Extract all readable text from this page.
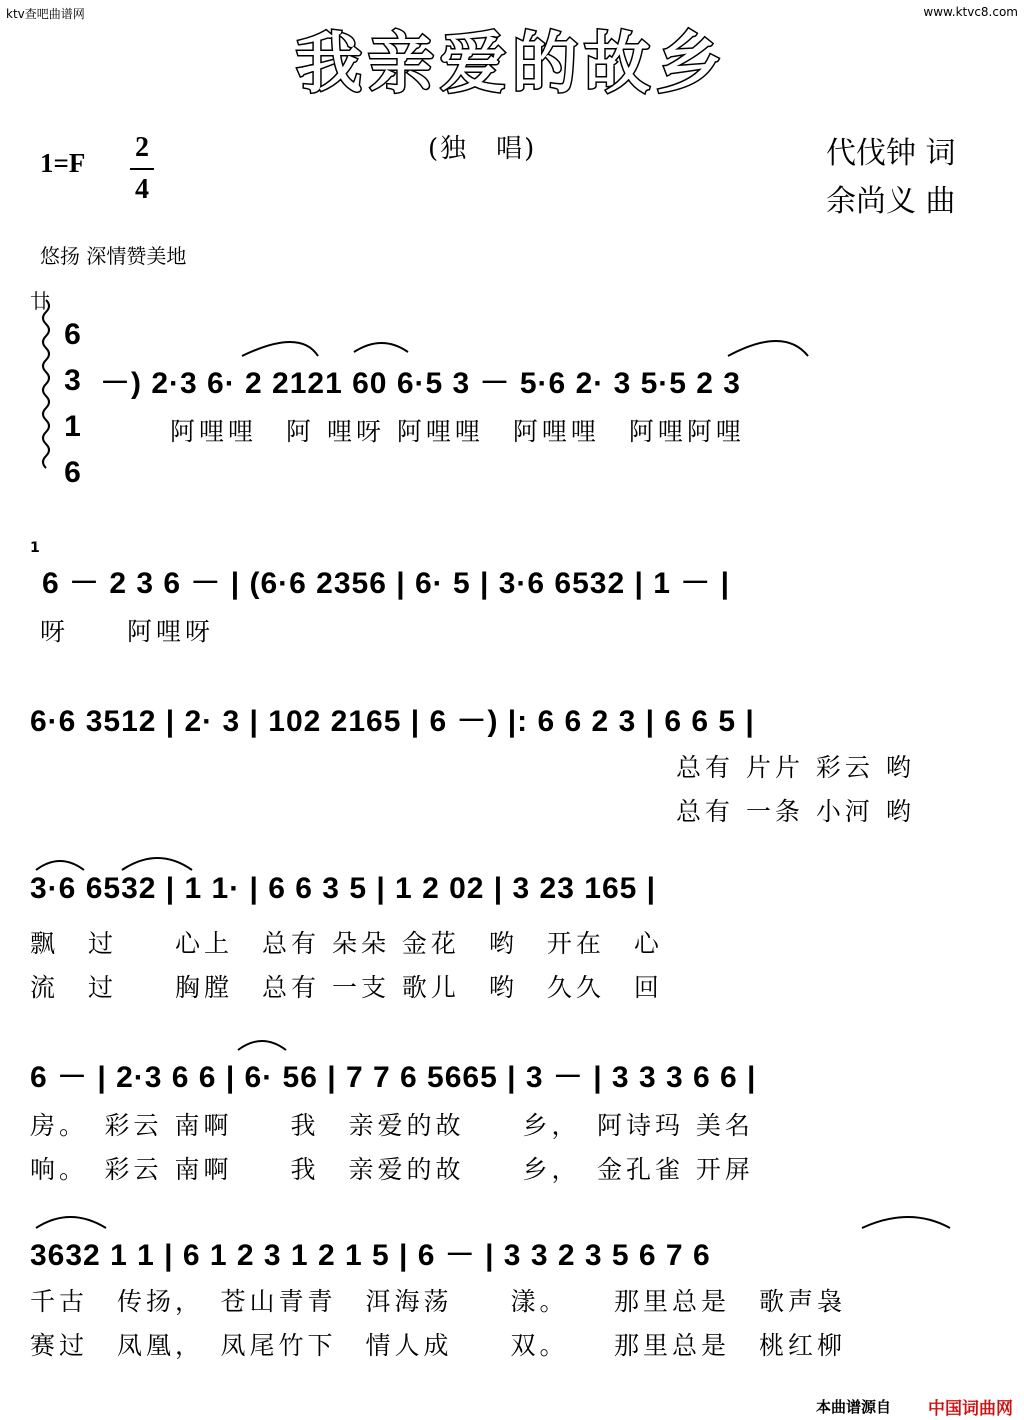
ktv查吧曲谱网	www.ktvc8.com
我亲爱的故乡
1=F 2
4
(独　唱)	代伐钟 词
余尚义 曲
悠扬 深情赞美地
廿
6
3
1
6
－) 2·3 6· 2 2121 60 6·5 3 － 5·6 2· 3 5·5 2 3
阿哩哩　阿 哩呀 阿哩哩　阿哩哩　阿哩阿哩
1
6 － 2 3 6 － | (6·6 2356 | 6· 5 | 3·6 6532 | 1 － |
呀　　阿哩呀
6·6 3512 | 2· 3 | 102 2165 | 6 －) |: 6 6 2 3 | 6 6 5 |
总有 片片 彩云 哟
总有 一条 小河 哟
3·6 6532 | 1 1· | 6 6 3 5 | 1 2 02 | 3 23 165 |
飘　过　　心上　总有 朵朵 金花　哟　开在　心
流　过　　胸膛　总有 一支 歌儿　哟　久久　回
6 － | 2·3 6 6 | 6· 56 | 7 7 6 5665 | 3 － | 3 3 3 6 6 |
房。　彩云 南啊　　我　亲爱的故　　乡，　阿诗玛 美名
响。　彩云 南啊　　我　亲爱的故　　乡，　金孔雀 开屏
3632 1 1 | 6 1 2 3 1 2 1 5 | 6 － | 3 3 2 3 5 6 7 6
千古　传扬，　苍山青青　洱海荡　　漾。　　那里总是　歌声袅
赛过　凤凰，　凤尾竹下　情人成　　双。　　那里总是　桃红柳
本曲谱源自 中国词曲网
